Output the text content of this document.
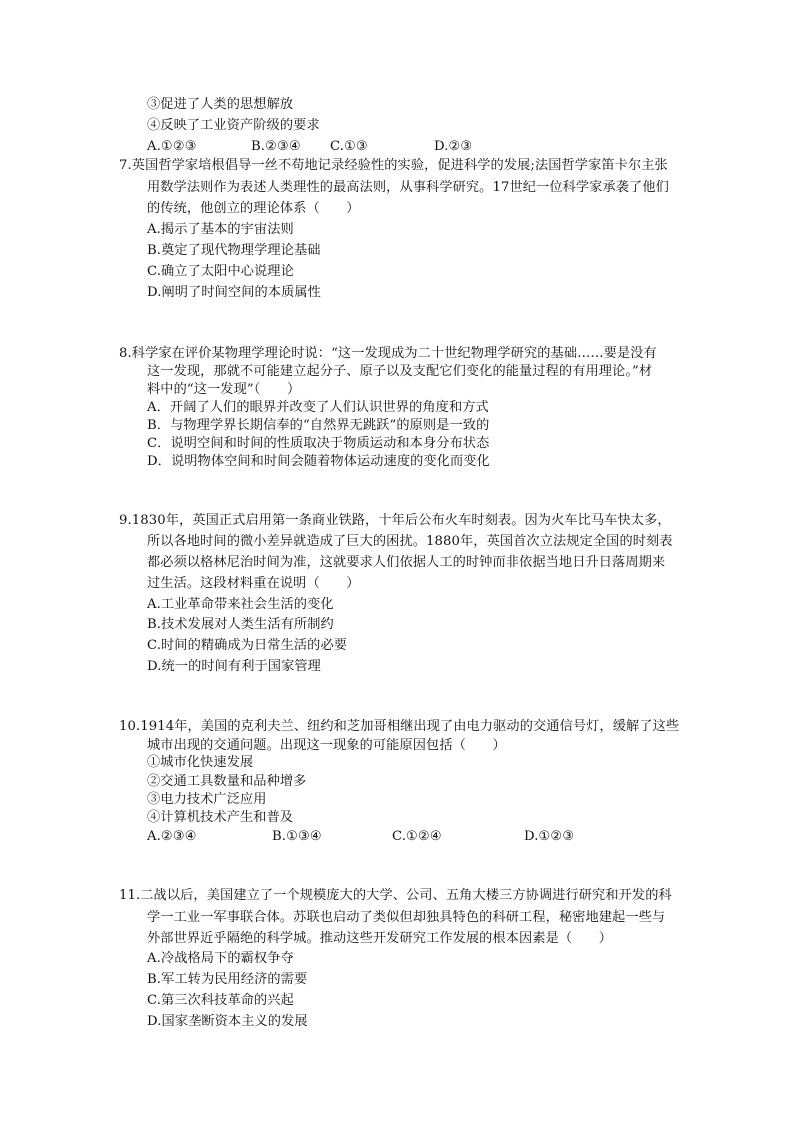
③促进了人类的思想解放
④反映了工业资产阶级的要求
A.①②③	B.②③④ C.①③	D.②③
7.英国哲学家培根倡导一丝不苟地记录经验性的实验，促进科学的发展;法国哲学家笛卡尔主张
用数学法则作为表述人类理性的最高法则，从事科学研究。17世纪一位科学家承袭了他们
的传统，他创立的理论体系（　　）
A.揭示了基本的宇宙法则
B.奠定了现代物理学理论基础
C.确立了太阳中心说理论
D.阐明了时间空间的本质属性
8.科学家在评价某物理学理论时说：“这一发现成为二十世纪物理学研究的基础……要是没有
这一发现，那就不可能建立起分子、原子以及支配它们变化的能量过程的有用理论。”材
料中的“这一发现”（　　）
A．开阔了人们的眼界并改变了人们认识世界的角度和方式
B．与物理学界长期信奉的“自然界无跳跃”的原则是一致的
C．说明空间和时间的性质取决于物质运动和本身分布状态
D．说明物体空间和时间会随着物体运动速度的变化而变化
9.1830年，英国正式启用第一条商业铁路，十年后公布火车时刻表。因为火车比马车快太多，
所以各地时间的微小差异就造成了巨大的困扰。1880年，英国首次立法规定全国的时刻表
都必须以格林尼治时间为准，这就要求人们依据人工的时钟而非依据当地日升日落周期来
过生活。这段材料重在说明（　　）
A.工业革命带来社会生活的变化
B.技术发展对人类生活有所制约
C.时间的精确成为日常生活的必要
D.统一的时间有利于国家管理
10.1914年，美国的克利夫兰、纽约和芝加哥相继出现了由电力驱动的交通信号灯，缓解了这些
城市出现的交通问题。出现这一现象的可能原因包括（　　）
①城市化快速发展
②交通工具数量和品种增多
③电力技术广泛应用
④计算机技术产生和普及
A.②③④	B.①③④	C.①②④	D.①②③
11.二战以后，美国建立了一个规模庞大的大学、公司、五角大楼三方协调进行研究和开发的科
学一工业一军事联合体。苏联也启动了类似但却独具特色的科研工程，秘密地建起一些与
外部世界近乎隔绝的科学城。推动这些开发研究工作发展的根本因素是（　　）
A.冷战格局下的霸权争夺
B.军工转为民用经济的需要
C.第三次科技革命的兴起
D.国家垄断资本主义的发展
